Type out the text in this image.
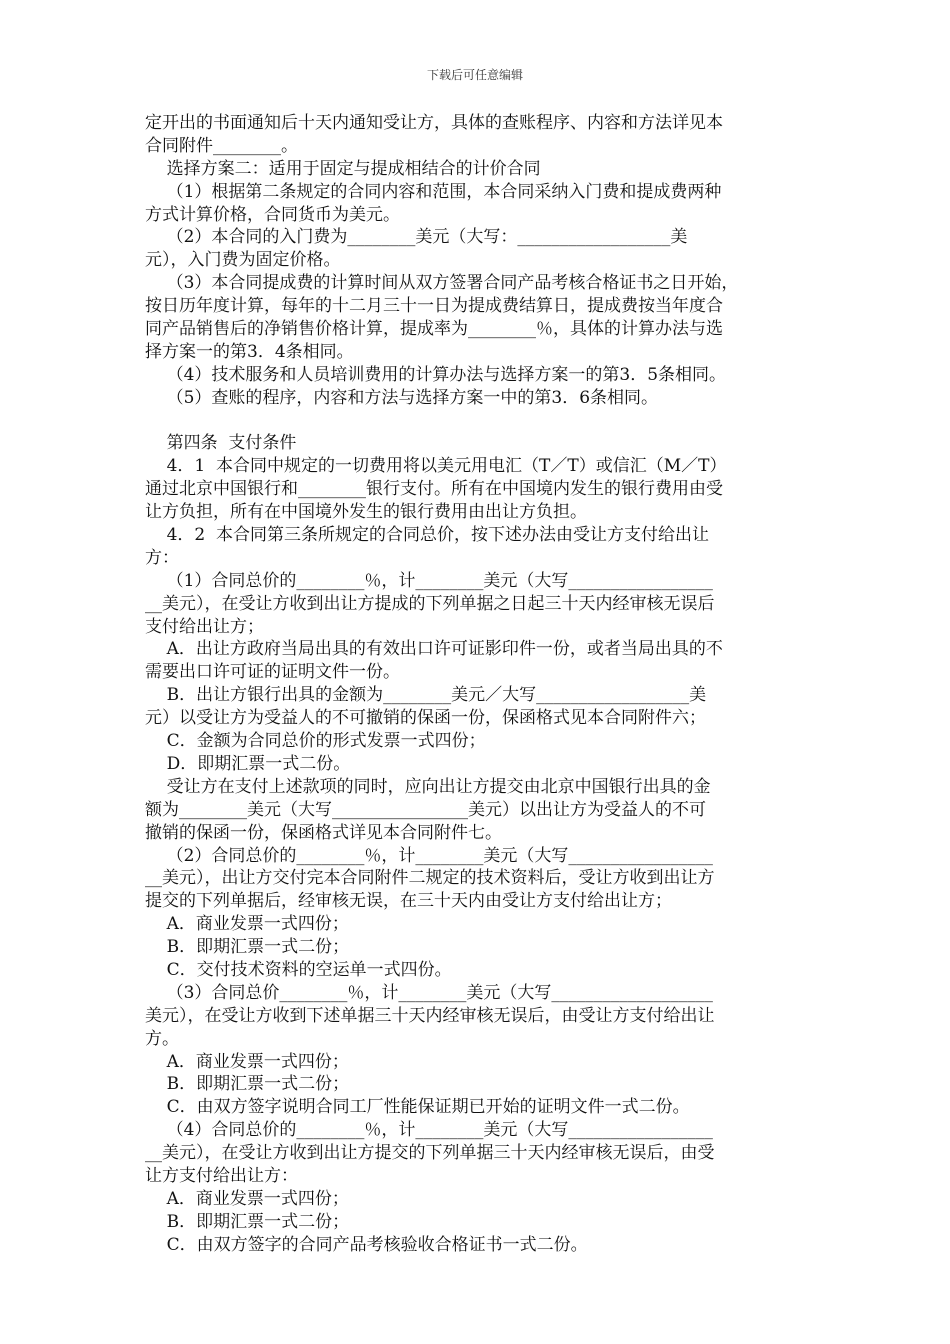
下载后可任意编辑
定开出的书面通知后十天内通知受让方，具体的查账程序、内容和方法详见本
合同附件________。
选择方案二：适用于固定与提成相结合的计价合同
（1）根据第二条规定的合同内容和范围，本合同采纳入门费和提成费两种
方式计算价格，合同货币为美元。
（2）本合同的入门费为________美元（大写：__________________美
元），入门费为固定价格。
（3）本合同提成费的计算时间从双方签署合同产品考核合格证书之日开始，
按日历年度计算，每年的十二月三十一日为提成费结算日，提成费按当年度合
同产品销售后的净销售价格计算，提成率为________％，具体的计算办法与选
择方案一的第3．4条相同。
（4）技术服务和人员培训费用的计算办法与选择方案一的第3．5条相同。
（5）查账的程序，内容和方法与选择方案一中的第3．6条相同。
第四条  支付条件
4．1  本合同中规定的一切费用将以美元用电汇（T／T）或信汇（M／T）
通过北京中国银行和________银行支付。所有在中国境内发生的银行费用由受
让方负担，所有在中国境外发生的银行费用由出让方负担。
4．2  本合同第三条所规定的合同总价，按下述办法由受让方支付给出让
方：
（1）合同总价的________％，计________美元（大写_________________
__美元），在受让方收到出让方提成的下列单据之日起三十天内经审核无误后
支付给出让方；
A．出让方政府当局出具的有效出口许可证影印件一份，或者当局出具的不
需要出口许可证的证明文件一份。
B．出让方银行出具的金额为________美元／大写__________________美
元）以受让方为受益人的不可撤销的保函一份，保函格式见本合同附件六；
C．金额为合同总价的形式发票一式四份；
D．即期汇票一式二份。
受让方在支付上述款项的同时，应向出让方提交由北京中国银行出具的金
额为________美元（大写________________美元）以出让方为受益人的不可
撤销的保函一份，保函格式详见本合同附件七。
（2）合同总价的________％，计________美元（大写_________________
__美元），出让方交付完本合同附件二规定的技术资料后，受让方收到出让方
提交的下列单据后，经审核无误，在三十天内由受让方支付给出让方；
A．商业发票一式四份；
B．即期汇票一式二份；
C．交付技术资料的空运单一式四份。
（3）合同总价________％，计________美元（大写___________________
美元），在受让方收到下述单据三十天内经审核无误后，由受让方支付给出让
方。
A．商业发票一式四份；
B．即期汇票一式二份；
C．由双方签字说明合同工厂性能保证期已开始的证明文件一式二份。
（4）合同总价的________％，计________美元（大写_________________
__美元），在受让方收到出让方提交的下列单据三十天内经审核无误后，由受
让方支付给出让方：
A．商业发票一式四份；
B．即期汇票一式二份；
C．由双方签字的合同产品考核验收合格证书一式二份。
